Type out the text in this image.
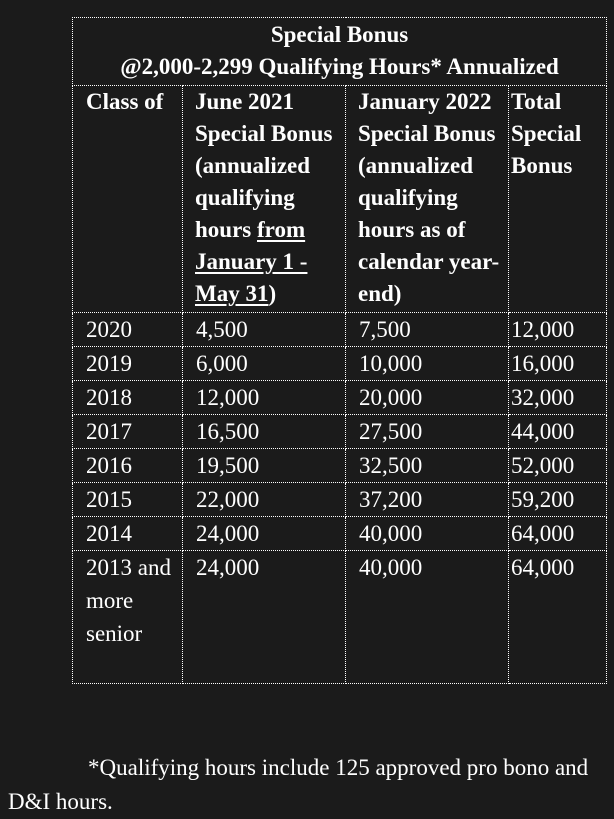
Special Bonus
@2,000-2,299 Qualifying Hours* Annualized			

Class of	June 2021 Special Bonus (annualized qualifying hours from January 1 - May 31)	January 2022 Special Bonus (annualized qualifying hours as of calendar year-end)	Total Special Bonus
2020	4,500	7,500	12,000
2019	6,000	10,000	16,000
2018	12,000	20,000	32,000
2017	16,500	27,500	44,000
2016	19,500	32,500	52,000
2015	22,000	37,200	59,200
2014	24,000	40,000	64,000
2013 and more senior	24,000	40,000	64,000
*Qualifying hours include 125 approved pro bono and D&I hours.
